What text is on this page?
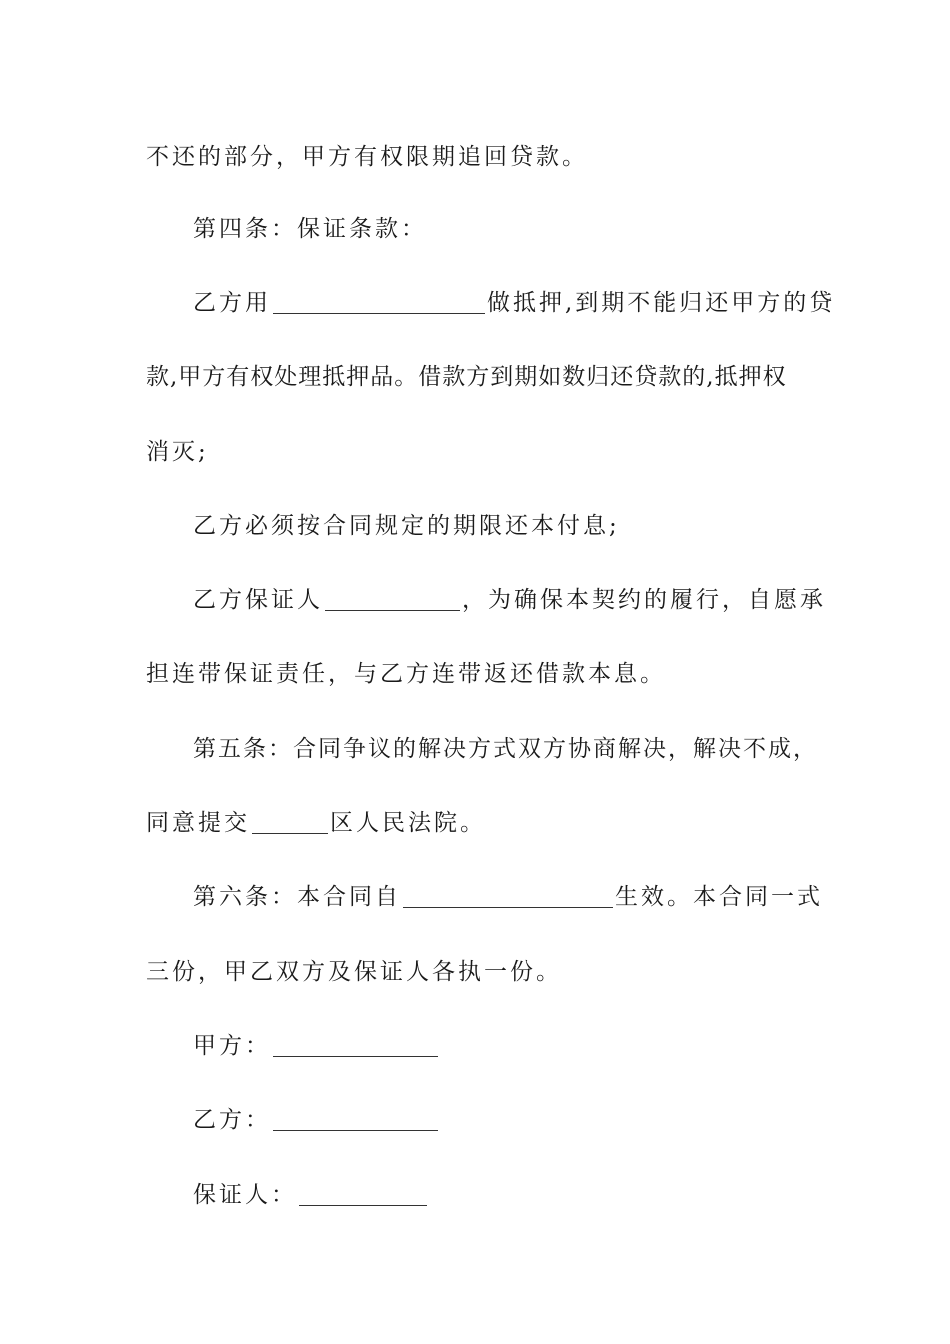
不还的部分，甲方有权限期追回贷款。
第四条：保证条款：
乙方用	做抵押,到期不能归还甲方的贷
款,甲方有权处理抵押品。借款方到期如数归还贷款的,抵押权
消灭;
乙方必须按合同规定的期限还本付息;
乙方保证人	，为确保本契约的履行，自愿承
担连带保证责任，与乙方连带返还借款本息。
第五条：合同争议的解决方式双方协商解决，解决不成，
同意提交	区人民法院。
第六条：本合同自	生效。本合同一式
三份，甲乙双方及保证人各执一份。
甲方：
乙方：
保证人：
